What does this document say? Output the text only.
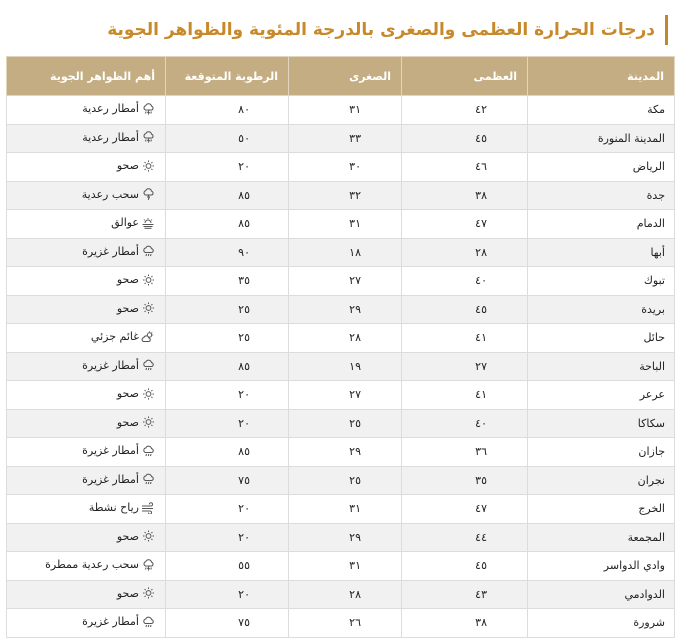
درجات الحرارة العظمى والصغرى بالدرجة المئوية والظواهر الجوية
المدينة	العظمى	الصغرى	الرطوبة المتوقعة	أهم الظواهر الجوية
مكة	٤٢	٣١	٨٠	أمطار رعدية

المدينة المنورة	٤٥	٣٣	٥٠	أمطار رعدية

الرياض	٤٦	٣٠	٢٠	صحو

جدة	٣٨	٣٢	٨٥	سحب رعدية

الدمام	٤٧	٣١	٨٥	عوالق

أبها	٢٨	١٨	٩٠	أمطار غزيرة

تبوك	٤٠	٢٧	٣٥	صحو

بريدة	٤٥	٢٩	٢٥	صحو

حائل	٤١	٢٨	٢٥	غائم جزئي

الباحة	٢٧	١٩	٨٥	أمطار غزيرة

عرعر	٤١	٢٧	٢٠	صحو

سكاكا	٤٠	٢٥	٢٠	صحو

جازان	٣٦	٢٩	٨٥	أمطار غزيرة

نجران	٣٥	٢٥	٧٥	أمطار غزيرة

الخرج	٤٧	٣١	٢٠	رياح نشطة

المجمعة	٤٤	٢٩	٢٠	صحو

وادي الدواسر	٤٥	٣١	٥٥	سحب رعدية ممطرة

الدوادمي	٤٣	٢٨	٢٠	صحو

شرورة	٣٨	٢٦	٧٥	أمطار غزيرة
